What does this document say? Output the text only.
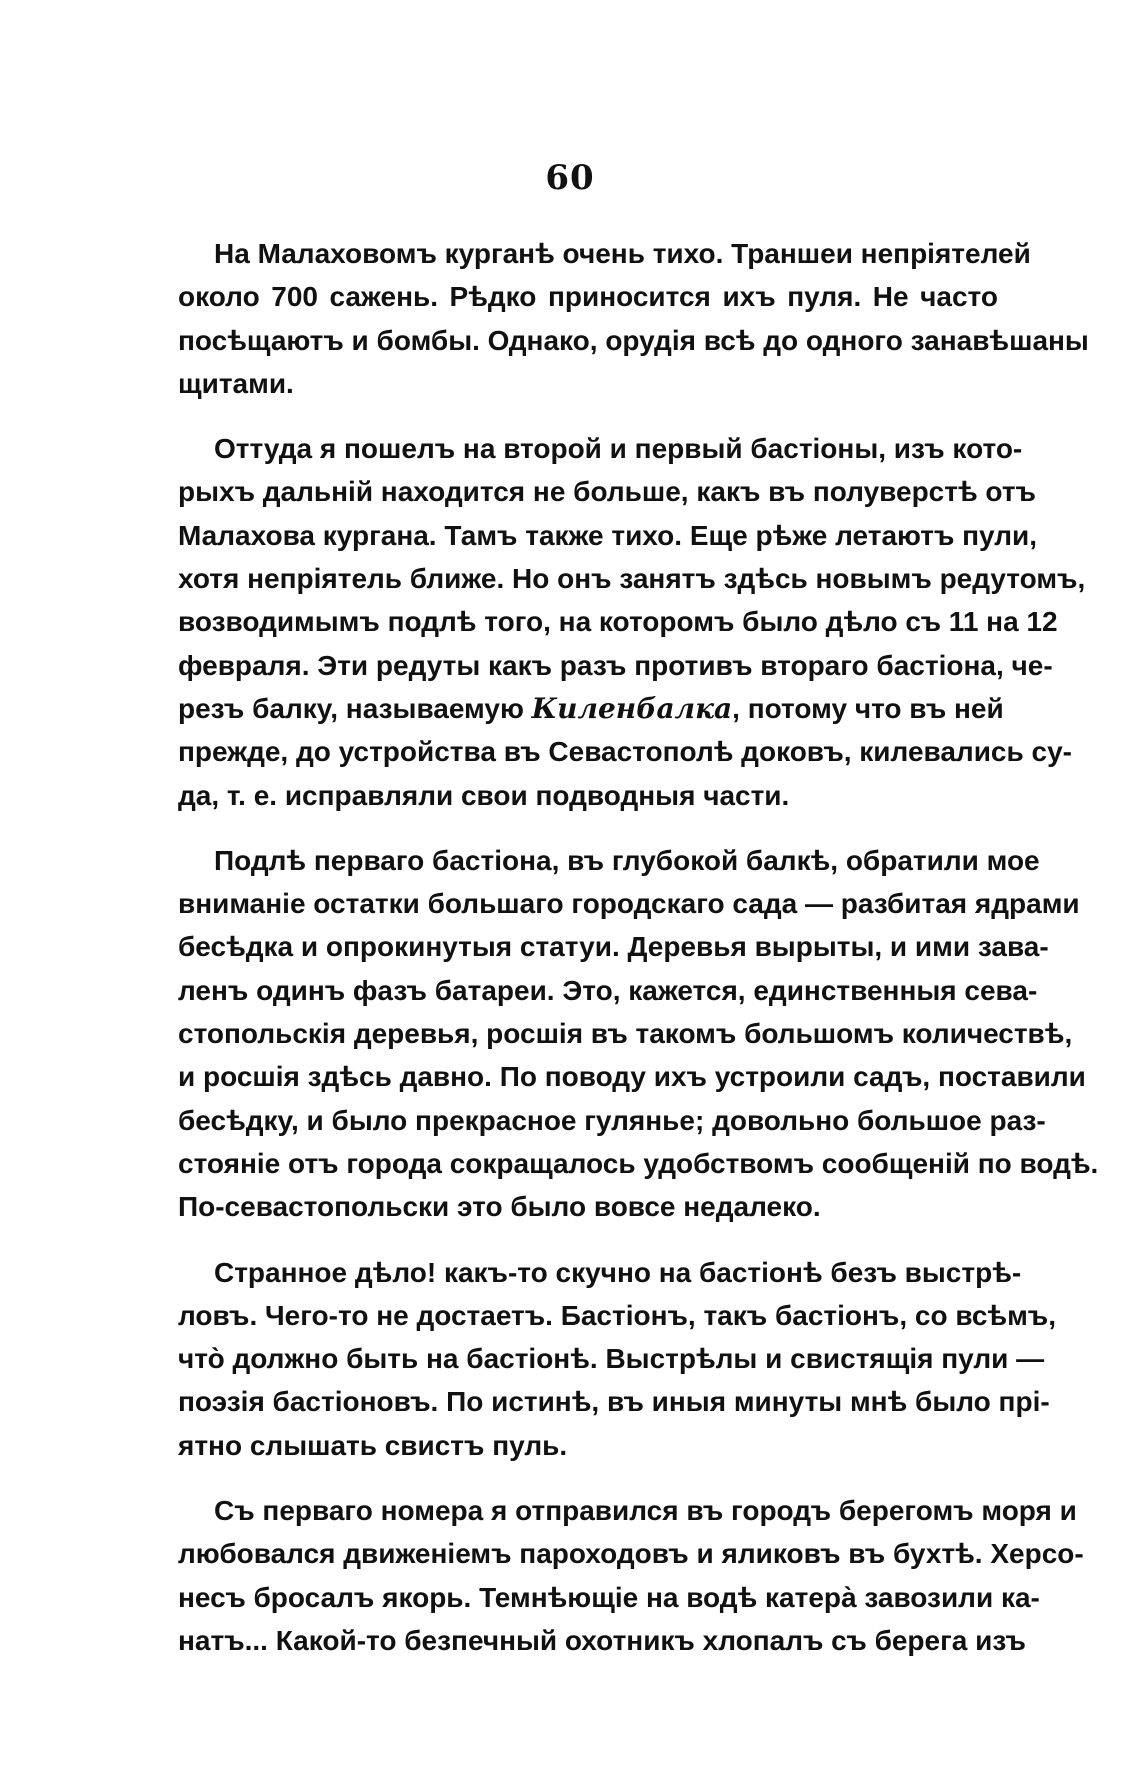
60
На Малаховомъ курганѣ очень тихо. Траншеи непріятелей
около 700 сажень. Рѣдко приносится ихъ пуля. Не часто
посѣщаютъ и бомбы. Однако, орудія всѣ до одного занавѣшаны
щитами.
Оттуда я пошелъ на второй и первый бастіоны, изъ кото-
рыхъ дальній находится не больше, какъ въ полуверстѣ отъ
Малахова кургана. Тамъ также тихо. Еще рѣже летаютъ пули,
хотя непріятель ближе. Но онъ занятъ здѣсь новымъ редутомъ,
возводимымъ подлѣ того, на которомъ было дѣло съ 11 на 12
февраля. Эти редуты какъ разъ противъ втораго бастіона, че-
резъ балку, называемую Киленбалка, потому что въ ней
прежде, до устройства въ Севастополѣ доковъ, килевались су-
да, т. е. исправляли свои подводныя части.
Подлѣ перваго бастіона, въ глубокой балкѣ, обратили мое
вниманіе остатки большаго городскаго сада — разбитая ядрами
бесѣдка и опрокинутыя статуи. Деревья вырыты, и ими зава-
ленъ одинъ фазъ батареи. Это, кажется, единственныя сева-
стопольскія деревья, росшія въ такомъ большомъ количествѣ,
и росшія здѣсь давно. По поводу ихъ устроили садъ, поставили
бесѣдку, и было прекрасное гулянье; довольно большое раз-
стояніе отъ города сокращалось удобствомъ сообщеній по водѣ.
По-севастопольски это было вовсе недалеко.
Странное дѣло! какъ-то скучно на бастіонѣ безъ выстрѣ-
ловъ. Чего-то не достаетъ. Бастіонъ, такъ бастіонъ, со всѣмъ,
что̀ должно быть на бастіонѣ. Выстрѣлы и свистящія пули —
поэзія бастіоновъ. По истинѣ, въ иныя минуты мнѣ было прі-
ятно слышать свистъ пуль.
Съ перваго номера я отправился въ городъ берегомъ моря и
любовался движеніемъ пароходовъ и яликовъ въ бухтѣ. Херсо-
несъ бросалъ якорь. Темнѣющіе на водѣ катера̀ завозили ка-
натъ... Какой-то безпечный охотникъ хлопалъ съ берега изъ
